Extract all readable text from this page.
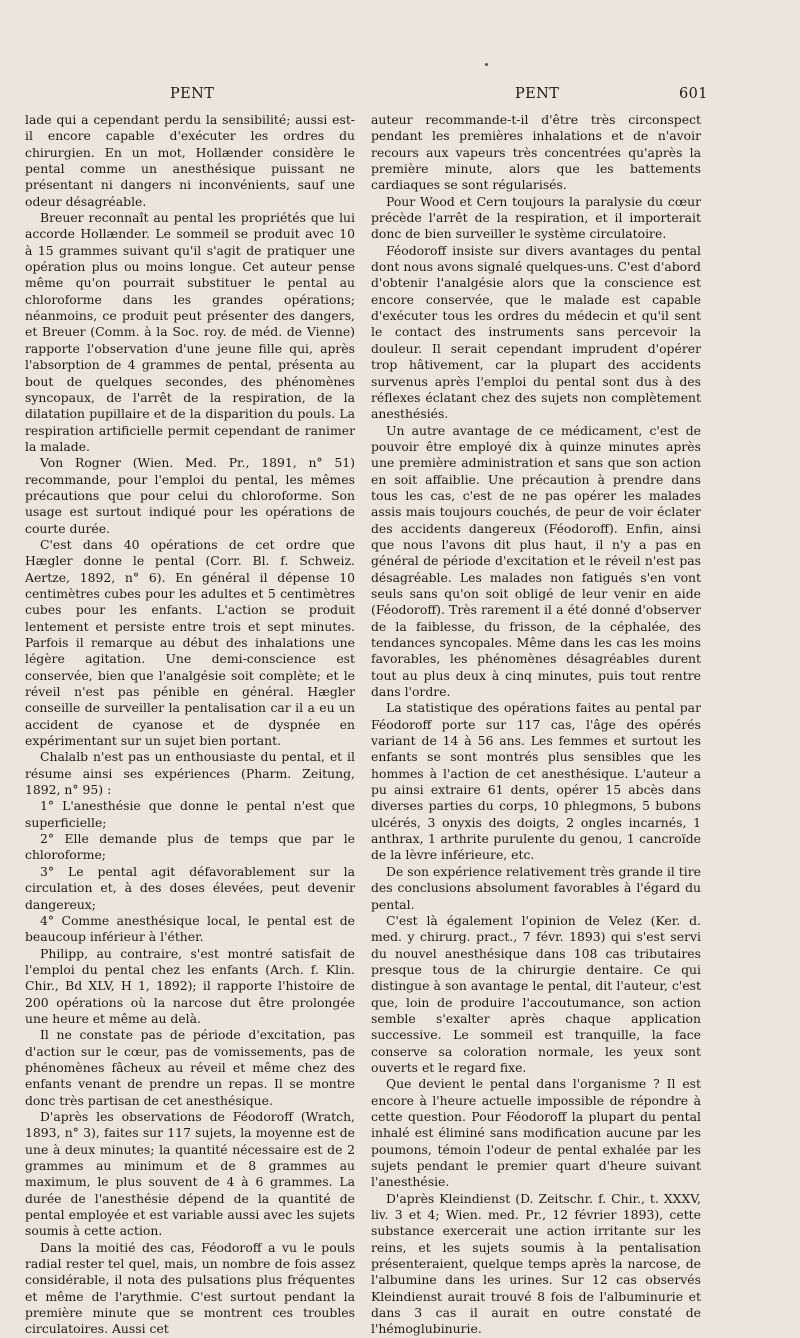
PENT	PENT	601

lade qui a cependant perdu la sensibilité; aussi est-il encore capable d'exécuter les ordres du chirurgien. En un mot, Hollænder considère le pental comme un anesthésique puissant ne présentant ni dangers ni inconvénients, sauf une odeur désagréable.

Breuer reconnaît au pental les propriétés que lui accorde Hollænder. Le sommeil se produit avec 10 à 15 grammes suivant qu'il s'agit de pratiquer une opération plus ou moins longue. Cet auteur pense même qu'on pourrait substituer le pental au chloroforme dans les grandes opérations; néanmoins, ce produit peut présenter des dangers, et Breuer (Comm. à la Soc. roy. de méd. de Vienne) rapporte l'observation d'une jeune fille qui, après l'absorption de 4 grammes de pental, présenta au bout de quelques secondes, des phénomènes syncopaux, de l'arrêt de la respiration, de la dilatation pupillaire et de la disparition du pouls. La respiration artificielle permit cependant de ranimer la malade.

Von Rogner (Wien. Med. Pr., 1891, n° 51) recommande, pour l'emploi du pental, les mêmes précautions que pour celui du chloroforme. Son usage est surtout indiqué pour les opérations de courte durée.

C'est dans 40 opérations de cet ordre que Hægler donne le pental (Corr. Bl. f. Schweiz. Aertze, 1892, n° 6). En général il dépense 10 centimètres cubes pour les adultes et 5 centimètres cubes pour les enfants. L'action se produit lentement et persiste entre trois et sept minutes. Parfois il remarque au début des inhalations une légère agitation. Une demi-conscience est conservée, bien que l'analgésie soit complète; et le réveil n'est pas pénible en général. Hægler conseille de surveiller la pentalisation car il a eu un accident de cyanose et de dyspnée en expérimentant sur un sujet bien portant.

Chalalb n'est pas un enthousiaste du pental, et il résume ainsi ses expériences (Pharm. Zeitung, 1892, n° 95) :

1° L'anesthésie que donne le pental n'est que superficielle;

2° Elle demande plus de temps que par le chloroforme;

3° Le pental agit défavorablement sur la circulation et, à des doses élevées, peut devenir dangereux;

4° Comme anesthésique local, le pental est de beaucoup inférieur à l'éther.

Philipp, au contraire, s'est montré satisfait de l'emploi du pental chez les enfants (Arch. f. Klin. Chir., Bd XLV, H 1, 1892); il rapporte l'histoire de 200 opérations où la narcose dut être prolongée une heure et même au delà.

Il ne constate pas de période d'excitation, pas d'action sur le cœur, pas de vomissements, pas de phénomènes fâcheux au réveil et même chez des enfants venant de prendre un repas. Il se montre donc très partisan de cet anesthésique.

D'après les observations de Féodoroff (Wratch, 1893, n° 3), faites sur 117 sujets, la moyenne est de une à deux minutes; la quantité nécessaire est de 2 grammes au minimum et de 8 grammes au maximum, le plus souvent de 4 à 6 grammes. La durée de l'anesthésie dépend de la quantité de pental employée et est variable aussi avec les sujets soumis à cette action.

Dans la moitié des cas, Féodoroff a vu le pouls radial rester tel quel, mais, un nombre de fois assez considérable, il nota des pulsations plus fréquentes et même de l'arythmie. C'est surtout pendant la première minute que se montrent ces troubles circulatoires. Aussi cet

auteur recommande-t-il d'être très circonspect pendant les premières inhalations et de n'avoir recours aux vapeurs très concentrées qu'après la première minute, alors que les battements cardiaques se sont régularisés.

Pour Wood et Cern toujours la paralysie du cœur précède l'arrêt de la respiration, et il importerait donc de bien surveiller le système circulatoire.

Féodoroff insiste sur divers avantages du pental dont nous avons signalé quelques-uns. C'est d'abord d'obtenir l'analgésie alors que la conscience est encore conservée, que le malade est capable d'exécuter tous les ordres du médecin et qu'il sent le contact des instruments sans percevoir la douleur. Il serait cependant imprudent d'opérer trop hâtivement, car la plupart des accidents survenus après l'emploi du pental sont dus à des réflexes éclatant chez des sujets non complètement anesthésiés.

Un autre avantage de ce médicament, c'est de pouvoir être employé dix à quinze minutes après une première administration et sans que son action en soit affaiblie. Une précaution à prendre dans tous les cas, c'est de ne pas opérer les malades assis mais toujours couchés, de peur de voir éclater des accidents dangereux (Féodoroff). Enfin, ainsi que nous l'avons dit plus haut, il n'y a pas en général de période d'excitation et le réveil n'est pas désagréable. Les malades non fatigués s'en vont seuls sans qu'on soit obligé de leur venir en aide (Féodoroff). Très rarement il a été donné d'observer de la faiblesse, du frisson, de la céphalée, des tendances syncopales. Même dans les cas les moins favorables, les phénomènes désagréables durent tout au plus deux à cinq minutes, puis tout rentre dans l'ordre.

La statistique des opérations faites au pental par Féodoroff porte sur 117 cas, l'âge des opérés variant de 14 à 56 ans. Les femmes et surtout les enfants se sont montrés plus sensibles que les hommes à l'action de cet anesthésique. L'auteur a pu ainsi extraire 61 dents, opérer 15 abcès dans diverses parties du corps, 10 phlegmons, 5 bubons ulcérés, 3 onyxis des doigts, 2 ongles incarnés, 1 anthrax, 1 arthrite purulente du genou, 1 cancroïde de la lèvre inférieure, etc.

De son expérience relativement très grande il tire des conclusions absolument favorables à l'égard du pental.

C'est là également l'opinion de Velez (Ker. d. med. y chirurg. pract., 7 févr. 1893) qui s'est servi du nouvel anesthésique dans 108 cas tributaires presque tous de la chirurgie dentaire. Ce qui distingue à son avantage le pental, dit l'auteur, c'est que, loin de produire l'accoutumance, son action semble s'exalter après chaque application successive. Le sommeil est tranquille, la face conserve sa coloration normale, les yeux sont ouverts et le regard fixe.

Que devient le pental dans l'organisme ? Il est encore à l'heure actuelle impossible de répondre à cette question. Pour Féodoroff la plupart du pental inhalé est éliminé sans modification aucune par les poumons, témoin l'odeur de pental exhalée par les sujets pendant le premier quart d'heure suivant l'anesthésie.

D'après Kleindienst (D. Zeitschr. f. Chir., t. XXXV, liv. 3 et 4; Wien. med. Pr., 12 février 1893), cette substance exercerait une action irritante sur les reins, et les sujets soumis à la pentalisation présenteraient, quelque temps après la narcose, de l'albumine dans les urines. Sur 12 cas observés Kleindienst aurait trouvé 8 fois de l'albuminurie et dans 3 cas il aurait en outre constaté de l'hémoglubinurie.
